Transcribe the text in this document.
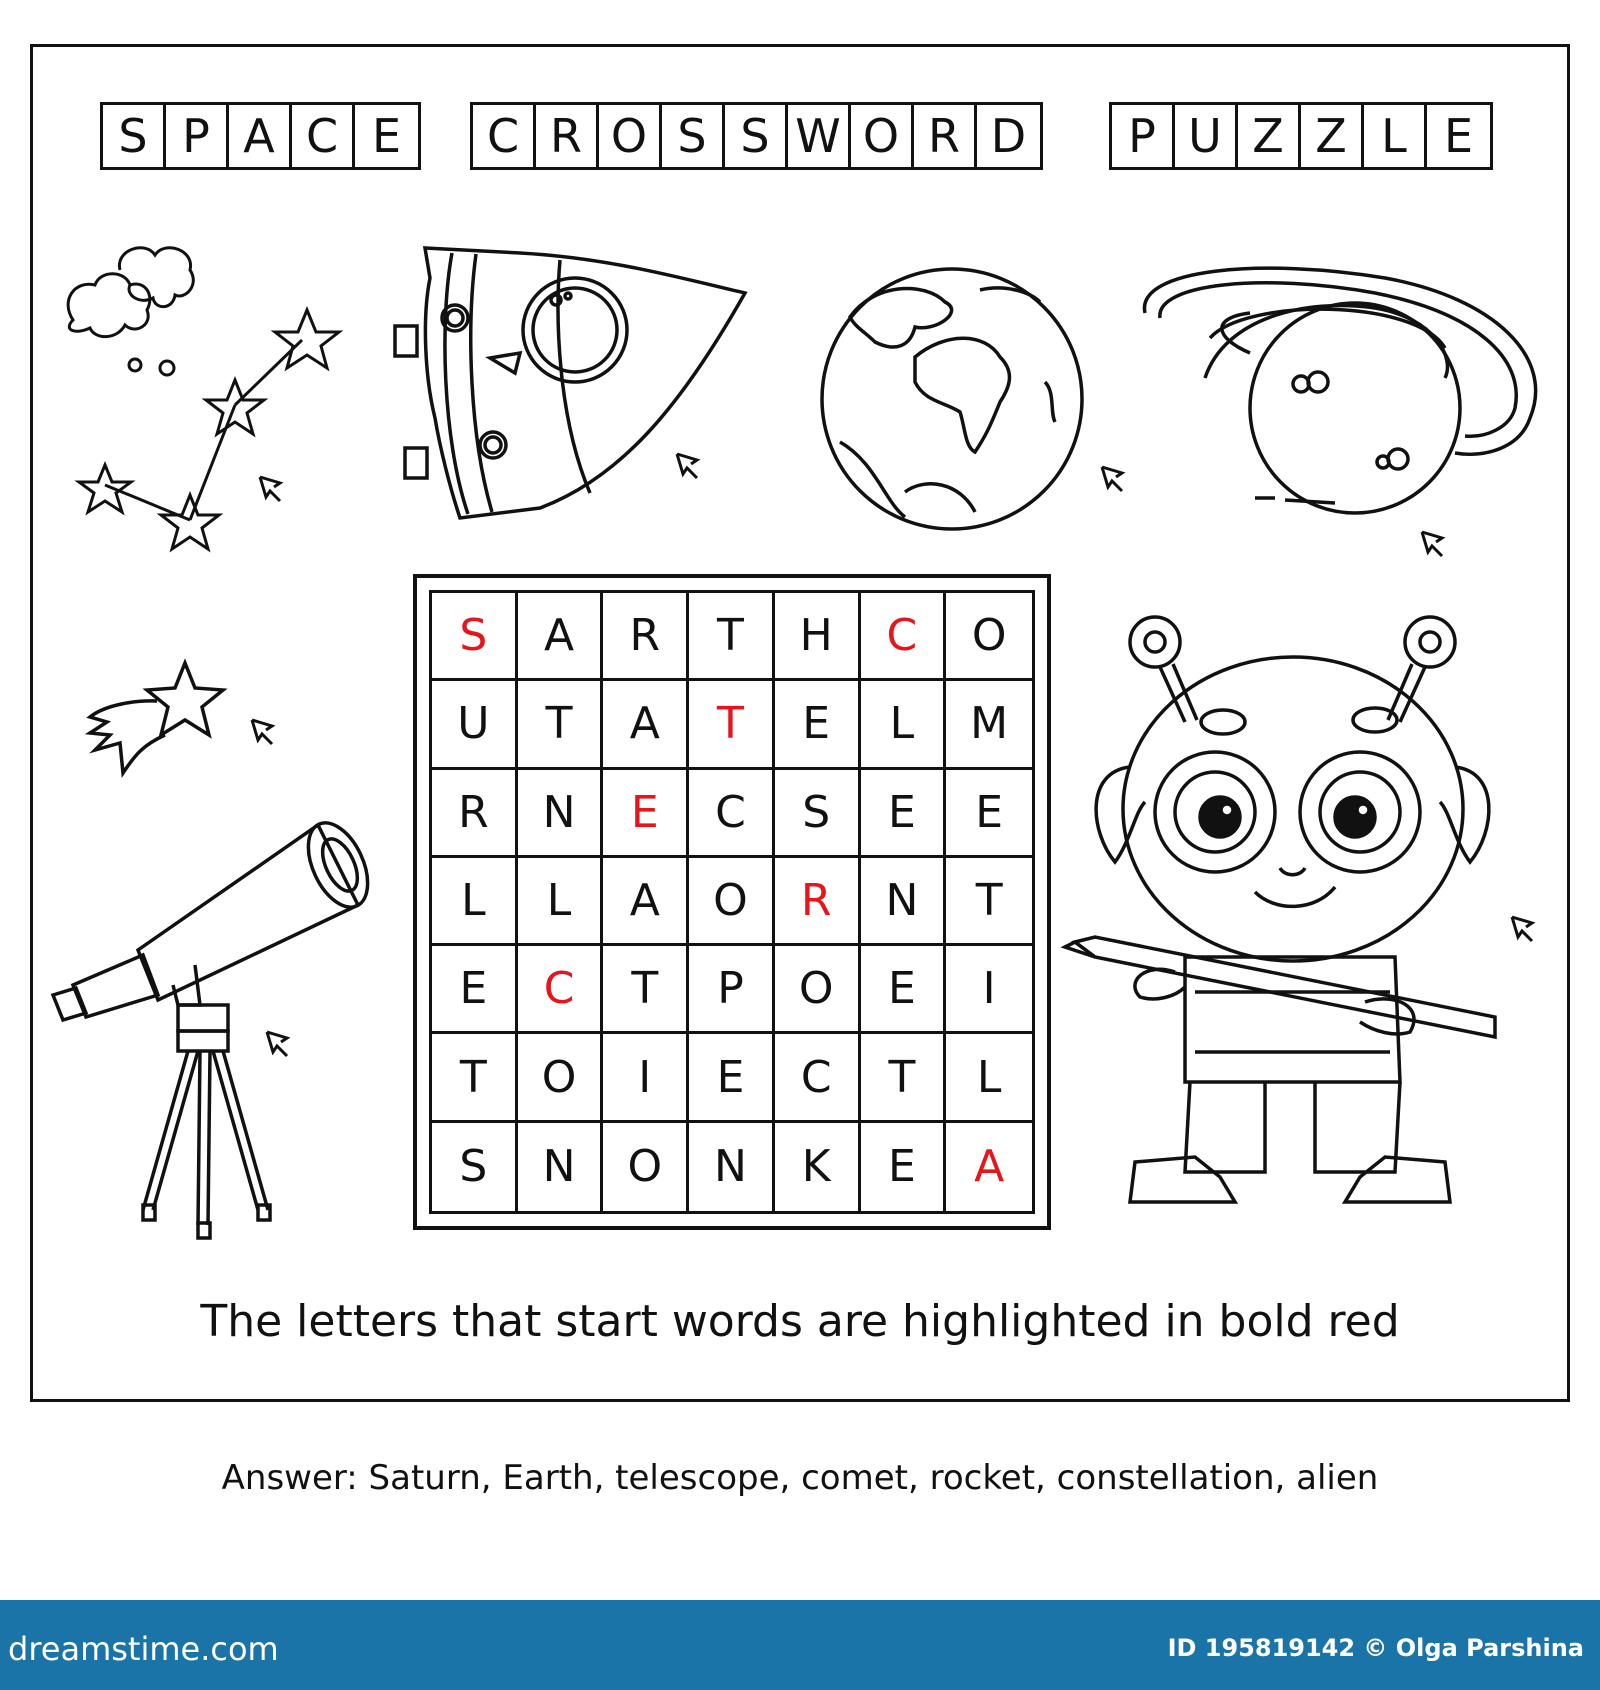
S P A C E	C R O S S W O R D	P U Z Z L E
S	A	R	T	H	C	O
U	T	A	T	E	L	M
R	N	E	C	S	E	E
L	L	A	O	R	N	T
E	C	T	P	O	E	I
T	O	I	E	C	T	L
S	N	O	N	K	E	A
The letters that start words are highlighted in bold red
Answer: Saturn, Earth, telescope, comet, rocket, constellation, alien
dreamstime.com	ID 195819142 © Olga Parshina
